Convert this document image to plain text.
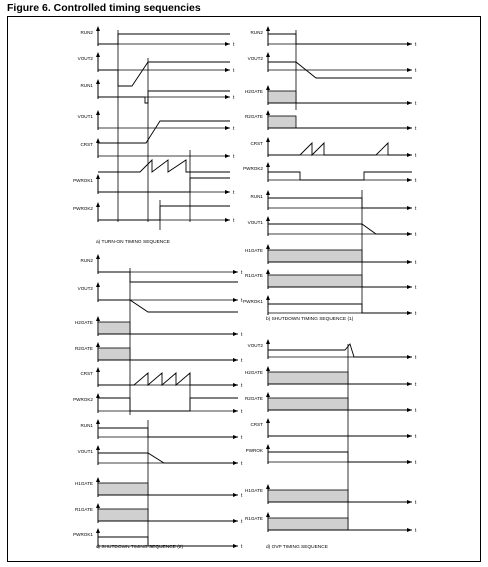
Figure 6. Controlled timing sequencies
t
RUN2
t
VOUT2
t
RUN1
t
VOUT1
t
CRST
t
PWROK1
t
PWROK2
a) TURN-ON TIMING SEQUENCE
t
RUN2
t
VOUT2
t
H2GATE
t
R2GATE
t
CRST
t
PWROK2
t
RUN1
t
VOUT1
t
H1GATE
t
R1GATE
t
PWROK1
b) SHUTDOWN TIMING SEQUENCE (1)
t
RUN2
t
VOUT2
t
H2GATE
t
R2GATE
t
CRST
t
PWROK2
t
RUN1
t
VOUT1
t
H1GATE
t
R1GATE
t
PWROK1
c) SHUTDOWN TIMING SEQUENCE (2)
t
VOUT2
t
H2GATE
t
R2GATE
t
CRST
t
PWROK
t
H1GATE
t
R1GATE
d) OVP TIMING SEQUENCE
